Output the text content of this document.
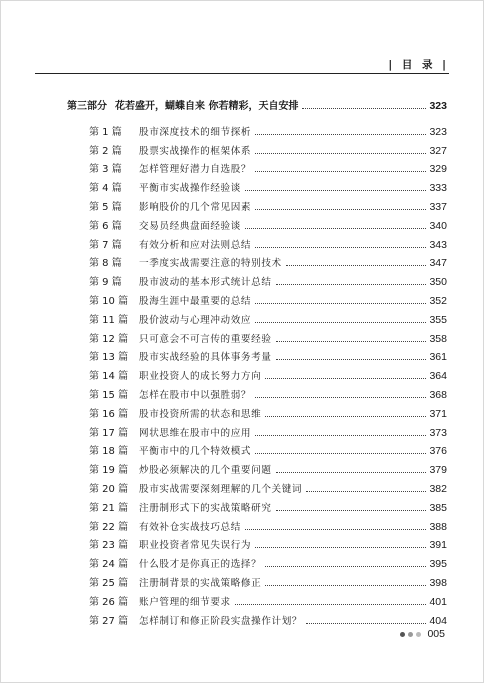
| 目 录 |
第三部分 花若盛开，蝴蝶自来 你若精彩，天自安排	323
第 1 篇	股市深度技术的细节探析	323
第 2 篇	股票实战操作的框架体系	327
第 3 篇	怎样管理好潜力自选股？	329
第 4 篇	平衡市实战操作经验谈	333
第 5 篇	影响股价的几个常见因素	337
第 6 篇	交易员经典盘面经验谈	340
第 7 篇	有效分析和应对法则总结	343
第 8 篇	一季度实战需要注意的特别技术	347
第 9 篇	股市波动的基本形式统计总结	350
第 10 篇	股海生涯中最重要的总结	352
第 11 篇	股价波动与心理冲动效应	355
第 12 篇	只可意会不可言传的重要经验	358
第 13 篇	股市实战经验的具体事务考量	361
第 14 篇	职业投资人的成长努力方向	364
第 15 篇	怎样在股市中以强胜弱？	368
第 16 篇	股市投资所需的状态和思维	371
第 17 篇	网状思维在股市中的应用	373
第 18 篇	平衡市中的几个特效模式	376
第 19 篇	炒股必须解决的几个重要问题	379
第 20 篇	股市实战需要深刻理解的几个关键词	382
第 21 篇	注册制形式下的实战策略研究	385
第 22 篇	有效补仓实战技巧总结	388
第 23 篇	职业投资者常见失误行为	391
第 24 篇	什么股才是你真正的选择？	395
第 25 篇	注册制背景的实战策略修正	398
第 26 篇	账户管理的细节要求	401
第 27 篇	怎样制订和修正阶段实盘操作计划？	404
005
